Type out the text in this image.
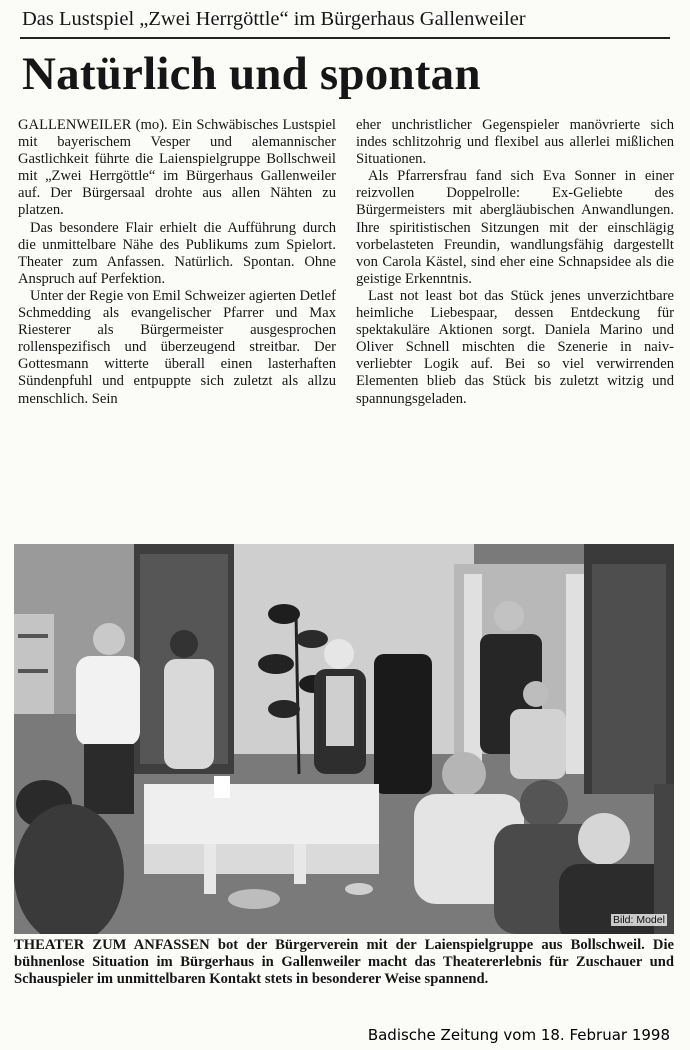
Das Lustspiel „Zwei Herrgöttle“ im Bürgerhaus Gallenweiler
Natürlich und spontan

GALLENWEILER (mo). Ein Schwäbisches Lustspiel mit bayerischem Vesper und alemannischer Gastlichkeit führte die Laienspielgruppe Bollschweil mit „Zwei Herrgöttle“ im Bürgerhaus Gallenweiler auf. Der Bürgersaal drohte aus allen Nähten zu platzen.

Das besondere Flair erhielt die Aufführung durch die unmittelbare Nähe des Publikums zum Spielort. Theater zum Anfassen. Natürlich. Spontan. Ohne Anspruch auf Perfektion.

Unter der Regie von Emil Schweizer agierten Detlef Schmedding als evangelischer Pfarrer und Max Riesterer als Bürgermeister ausgesprochen rollenspezifisch und überzeugend streitbar. Der Gottesmann witterte überall einen lasterhaften Sündenpfuhl und entpuppte sich zuletzt als allzu menschlich. Sein

eher unchristlicher Gegenspieler manövrierte sich indes schlitzohrig und flexibel aus allerlei mißlichen Situationen.

Als Pfarrersfrau fand sich Eva Sonner in einer reizvollen Doppelrolle: Ex-Geliebte des Bürgermeisters mit abergläubischen Anwandlungen. Ihre spiritistischen Sitzungen mit der einschlägig vorbelasteten Freundin, wandlungsfähig dargestellt von Carola Kästel, sind eher eine Schnapsidee als die geistige Erkenntnis.

Last not least bot das Stück jenes unverzichtbare heimliche Liebespaar, dessen Entdeckung für spektakuläre Aktionen sorgt. Daniela Marino und Oliver Schnell mischten die Szenerie in naiv-verliebter Logik auf. Bei so viel verwirrenden Elementen blieb das Stück bis zuletzt witzig und spannungsgeladen.

Bild: Model
THEATER ZUM ANFASSEN bot der Bürgerverein mit der Laienspielgruppe aus Bollschweil. Die bühnenlose Situation im Bürgerhaus in Gallenweiler macht das Theatererlebnis für Zuschauer und Schauspieler im unmittelbaren Kontakt stets in besonderer Weise spannend.
Badische Zeitung vom 18. Februar 1998
